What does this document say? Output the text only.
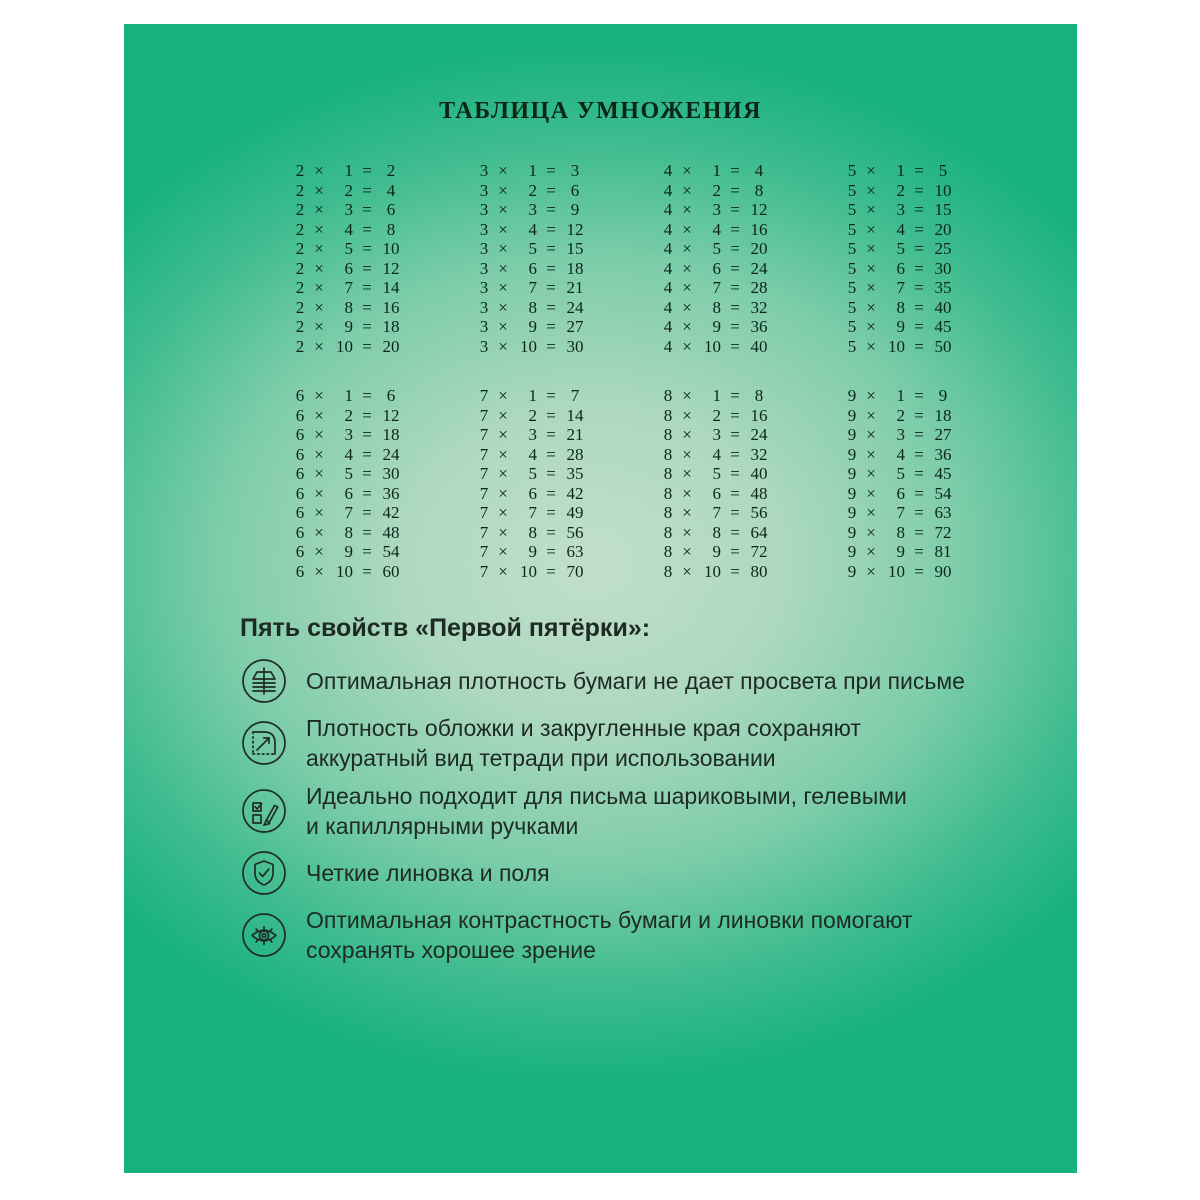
ТАБЛИЦА УМНОЖЕНИЯ
2 ×	1 = 2
2 ×	2 = 4
2 ×	3 = 6
2 ×	4 = 8
2 ×	5 = 10
2 ×	6 = 12
2 ×	7 = 14
2 ×	8 = 16
2 ×	9 = 18
2 × 10 = 20
3 ×	1 = 3
3 ×	2 = 6
3 ×	3 = 9
3 ×	4 = 12
3 ×	5 = 15
3 ×	6 = 18
3 ×	7 = 21
3 ×	8 = 24
3 ×	9 = 27
3 × 10 = 30
4 ×	1 = 4
4 ×	2 = 8
4 ×	3 = 12
4 ×	4 = 16
4 ×	5 = 20
4 ×	6 = 24
4 ×	7 = 28
4 ×	8 = 32
4 ×	9 = 36
4 × 10 = 40
5 ×	1 = 5
5 ×	2 = 10
5 ×	3 = 15
5 ×	4 = 20
5 ×	5 = 25
5 ×	6 = 30
5 ×	7 = 35
5 ×	8 = 40
5 ×	9 = 45
5 × 10 = 50
6 ×	1 = 6
6 ×	2 = 12
6 ×	3 = 18
6 ×	4 = 24
6 ×	5 = 30
6 ×	6 = 36
6 ×	7 = 42
6 ×	8 = 48
6 ×	9 = 54
6 × 10 = 60
7 ×	1 = 7
7 ×	2 = 14
7 ×	3 = 21
7 ×	4 = 28
7 ×	5 = 35
7 ×	6 = 42
7 ×	7 = 49
7 ×	8 = 56
7 ×	9 = 63
7 × 10 = 70
8 ×	1 = 8
8 ×	2 = 16
8 ×	3 = 24
8 ×	4 = 32
8 ×	5 = 40
8 ×	6 = 48
8 ×	7 = 56
8 ×	8 = 64
8 ×	9 = 72
8 × 10 = 80
9 ×	1 = 9
9 ×	2 = 18
9 ×	3 = 27
9 ×	4 = 36
9 ×	5 = 45
9 ×	6 = 54
9 ×	7 = 63
9 ×	8 = 72
9 ×	9 = 81
9 × 10 = 90
Пять свойств «Первой пятёрки»:
Оптимальная плотность бумаги не дает просвета при письме
Плотность обложки и закругленные края сохраняют
аккуратный вид тетради при использовании
Идеально подходит для письма шариковыми, гелевыми
и капиллярными ручками
Четкие линовка и поля
Оптимальная контрастность бумаги и линовки помогают
сохранять хорошее зрение
